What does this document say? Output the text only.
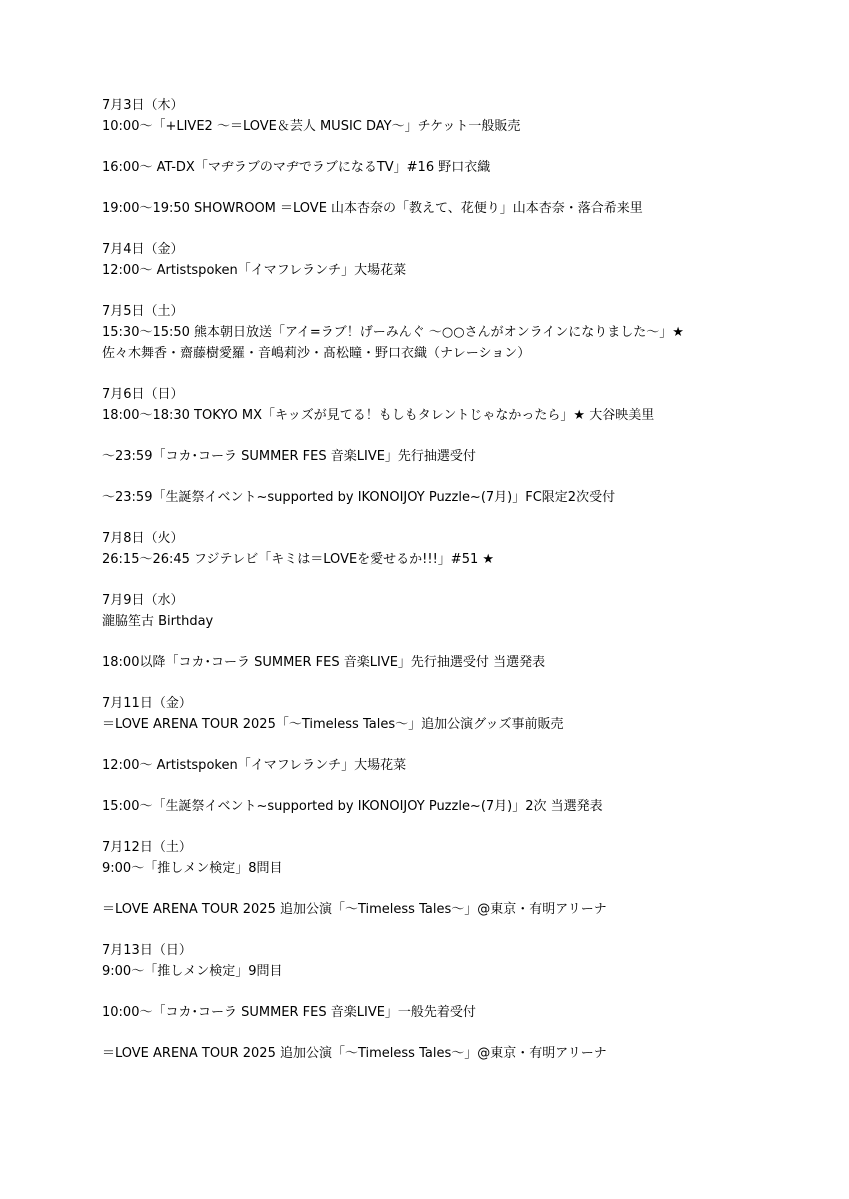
7月3日（木）
10:00～「+LIVE2 ～＝LOVE＆芸人 MUSIC DAY～」チケット一般販売
16:00～ AT-DX「マヂラブのマヂでラブになるTV」#16 野口衣織
19:00～19:50 SHOWROOM ＝LOVE 山本杏奈の「教えて、花便り」山本杏奈・落合希来里
7月4日（金）
12:00～ Artistspoken「イマフレランチ」大場花菜
7月5日（土）
15:30～15:50 熊本朝日放送「アイ=ラブ！げーみんぐ ～○○さんがオンラインになりました～」★
佐々木舞香・齋藤樹愛羅・音嶋莉沙・髙松瞳・野口衣織（ナレーション）
7月6日（日）
18:00～18:30 TOKYO MX「キッズが見てる！もしもタレントじゃなかったら」★ 大谷映美里
～23:59「コカ･コーラ SUMMER FES 音楽LIVE」先行抽選受付
～23:59「生誕祭イベント~supported by IKONOIJOY Puzzle~(7月)」FC限定2次受付
7月8日（火）
26:15～26:45 フジテレビ「キミは＝LOVEを愛せるか!!!」#51 ★
7月9日（水）
瀧脇笙古 Birthday
18:00以降「コカ･コーラ SUMMER FES 音楽LIVE」先行抽選受付 当選発表
7月11日（金）
＝LOVE ARENA TOUR 2025「～Timeless Tales～」追加公演グッズ事前販売
12:00～ Artistspoken「イマフレランチ」大場花菜
15:00～「生誕祭イベント~supported by IKONOIJOY Puzzle~(7月)」2次 当選発表
7月12日（土）
9:00～「推しメン検定」8問目
＝LOVE ARENA TOUR 2025 追加公演「～Timeless Tales～」@東京・有明アリーナ
7月13日（日）
9:00～「推しメン検定」9問目
10:00～「コカ･コーラ SUMMER FES 音楽LIVE」一般先着受付
＝LOVE ARENA TOUR 2025 追加公演「～Timeless Tales～」@東京・有明アリーナ
